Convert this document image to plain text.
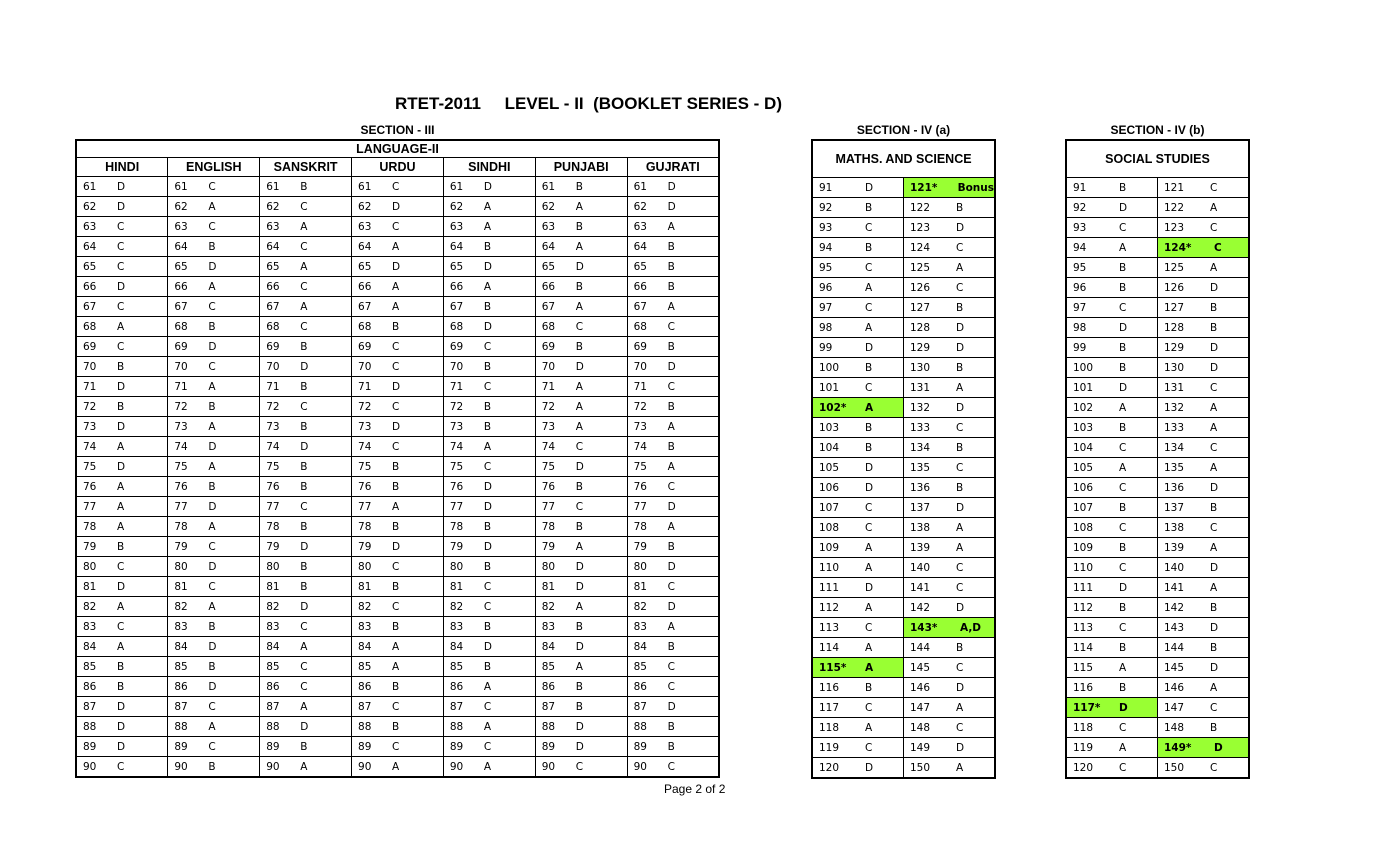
RTET-2011     LEVEL - II  (BOOKLET SERIES - D)
SECTION - III	SECTION - IV (a)	SECTION - IV (b)
LANGUAGE-II						
HINDI	ENGLISH	SANSKRIT	URDU	SINDHI	PUNJABI	GUJRATI

61 D	61 C	61 B	61 C	61 D	61 B	61 D

62 D	62 A	62 C	62 D	62 A	62 A	62 D

63 C	63 C	63 A	63 C	63 A	63 B	63 A

64 C	64 B	64 C	64 A	64 B	64 A	64 B

65 C	65 D	65 A	65 D	65 D	65 D	65 B

66 D	66 A	66 C	66 A	66 A	66 B	66 B

67 C	67 C	67 A	67 A	67 B	67 A	67 A

68 A	68 B	68 C	68 B	68 D	68 C	68 C

69 C	69 D	69 B	69 C	69 C	69 B	69 B

70 B	70 C	70 D	70 C	70 B	70 D	70 D

71 D	71 A	71 B	71 D	71 C	71 A	71 C

72 B	72 B	72 C	72 C	72 B	72 A	72 B

73 D	73 A	73 B	73 D	73 B	73 A	73 A

74 A	74 D	74 D	74 C	74 A	74 C	74 B

75 D	75 A	75 B	75 B	75 C	75 D	75 A

76 A	76 B	76 B	76 B	76 D	76 B	76 C

77 A	77 D	77 C	77 A	77 D	77 C	77 D

78 A	78 A	78 B	78 B	78 B	78 B	78 A

79 B	79 C	79 D	79 D	79 D	79 A	79 B

80 C	80 D	80 B	80 C	80 B	80 D	80 D

81 D	81 C	81 B	81 B	81 C	81 D	81 C

82 A	82 A	82 D	82 C	82 C	82 A	82 D

83 C	83 B	83 C	83 B	83 B	83 B	83 A

84 A	84 D	84 A	84 A	84 D	84 D	84 B

85 B	85 B	85 C	85 A	85 B	85 A	85 C

86 B	86 D	86 C	86 B	86 A	86 B	86 C

87 D	87 C	87 A	87 C	87 C	87 B	87 D

88 D	88 A	88 D	88 B	88 A	88 D	88 B

89 D	89 C	89 B	89 C	89 C	89 D	89 B

90 C	90 B	90 A	90 A	90 A	90 C	90 C
MATHS. AND SCIENCE	

91 D	121* Bonus

92 B	122 B

93 C	123 D

94 B	124 C

95 C	125 A

96 A	126 C

97 C	127 B

98 A	128 D

99 D	129 D

100 B	130 B

101 C	131 A

102* A	132 D

103 B	133 C

104 B	134 B

105 D	135 C

106 D	136 B

107 C	137 D

108 C	138 A

109 A	139 A

110 A	140 C

111 D	141 C

112 A	142 D

113 C	143* A,D

114 A	144 B

115* A	145 C

116 B	146 D

117 C	147 A

118 A	148 C

119 C	149 D

120 D	150 A
SOCIAL STUDIES	

91 B	121 C

92 D	122 A

93 C	123 C

94 A	124* C

95 B	125 A

96 B	126 D

97 C	127 B

98 D	128 B

99 B	129 D

100 B	130 D

101 D	131 C

102 A	132 A

103 B	133 A

104 C	134 C

105 A	135 A

106 C	136 D

107 B	137 B

108 C	138 C

109 B	139 A

110 C	140 D

111 D	141 A

112 B	142 B

113 C	143 D

114 B	144 B

115 A	145 D

116 B	146 A

117* D	147 C

118 C	148 B

119 A	149* D

120 C	150 C
Page 2 of 2
